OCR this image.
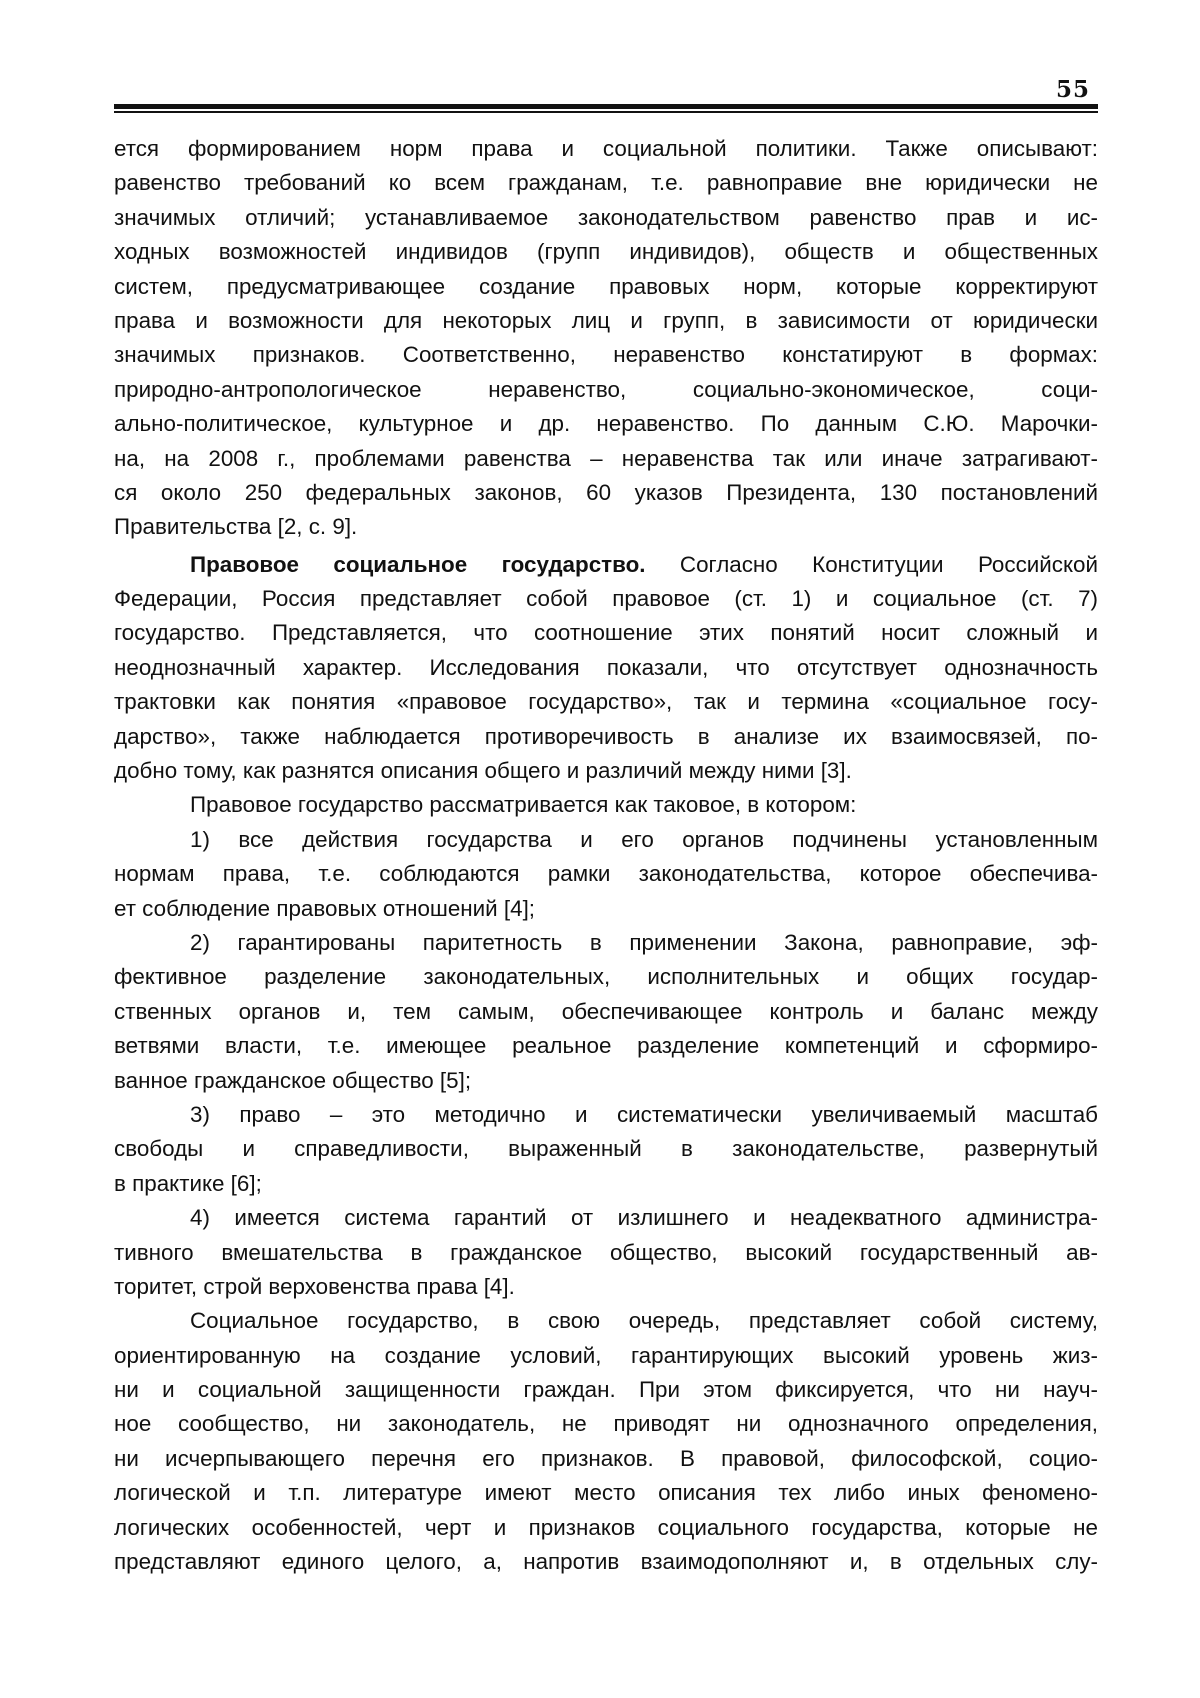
55
ется формированием норм права и социальной политики. Также описывают:
равенство требований ко всем гражданам, т.е. равноправие вне юридически не
значимых отличий; устанавливаемое законодательством равенство прав и ис-
ходных возможностей индивидов (групп индивидов), обществ и общественных
систем, предусматривающее создание правовых норм, которые корректируют
права и возможности для некоторых лиц и групп, в зависимости от юридически
значимых признаков. Соответственно, неравенство констатируют в формах:
природно-антропологическое неравенство, социально-экономическое, соци-
ально-политическое, культурное и др. неравенство. По данным С.Ю. Марочки-
на, на 2008 г., проблемами равенства – неравенства так или иначе затрагивают-
ся около 250 федеральных законов, 60 указов Президента, 130 постановлений
Правительства [2, с. 9].
Правовое социальное государство. Согласно Конституции Российской
Федерации, Россия представляет собой правовое (ст. 1) и социальное (ст. 7)
государство. Представляется, что соотношение этих понятий носит сложный и
неоднозначный характер. Исследования показали, что отсутствует однозначность
трактовки как понятия «правовое государство», так и термина «социальное госу-
дарство», также наблюдается противоречивость в анализе их взаимосвязей, по-
добно тому, как разнятся описания общего и различий между ними [3].
Правовое государство рассматривается как таковое, в котором:
1) все действия государства и его органов подчинены установленным
нормам права, т.е. соблюдаются рамки законодательства, которое обеспечива-
ет соблюдение правовых отношений [4];
2) гарантированы паритетность в применении Закона, равноправие, эф-
фективное разделение законодательных, исполнительных и общих государ-
ственных органов и, тем самым, обеспечивающее контроль и баланс между
ветвями власти, т.е. имеющее реальное разделение компетенций и сформиро-
ванное гражданское общество [5];
3) право – это методично и систематически увеличиваемый масштаб
свободы и справедливости, выраженный в законодательстве, развернутый
в практике [6];
4) имеется система гарантий от излишнего и неадекватного администра-
тивного вмешательства в гражданское общество, высокий государственный ав-
торитет, строй верховенства права [4].
Социальное государство, в свою очередь, представляет собой систему,
ориентированную на создание условий, гарантирующих высокий уровень жиз-
ни и социальной защищенности граждан. При этом фиксируется, что ни науч-
ное сообщество, ни законодатель, не приводят ни однозначного определения,
ни исчерпывающего перечня его признаков. В правовой, философской, социо-
логической и т.п. литературе имеют место описания тех либо иных феномено-
логических особенностей, черт и признаков социального государства, которые не
представляют единого целого, а, напротив взаимодополняют и, в отдельных слу-
